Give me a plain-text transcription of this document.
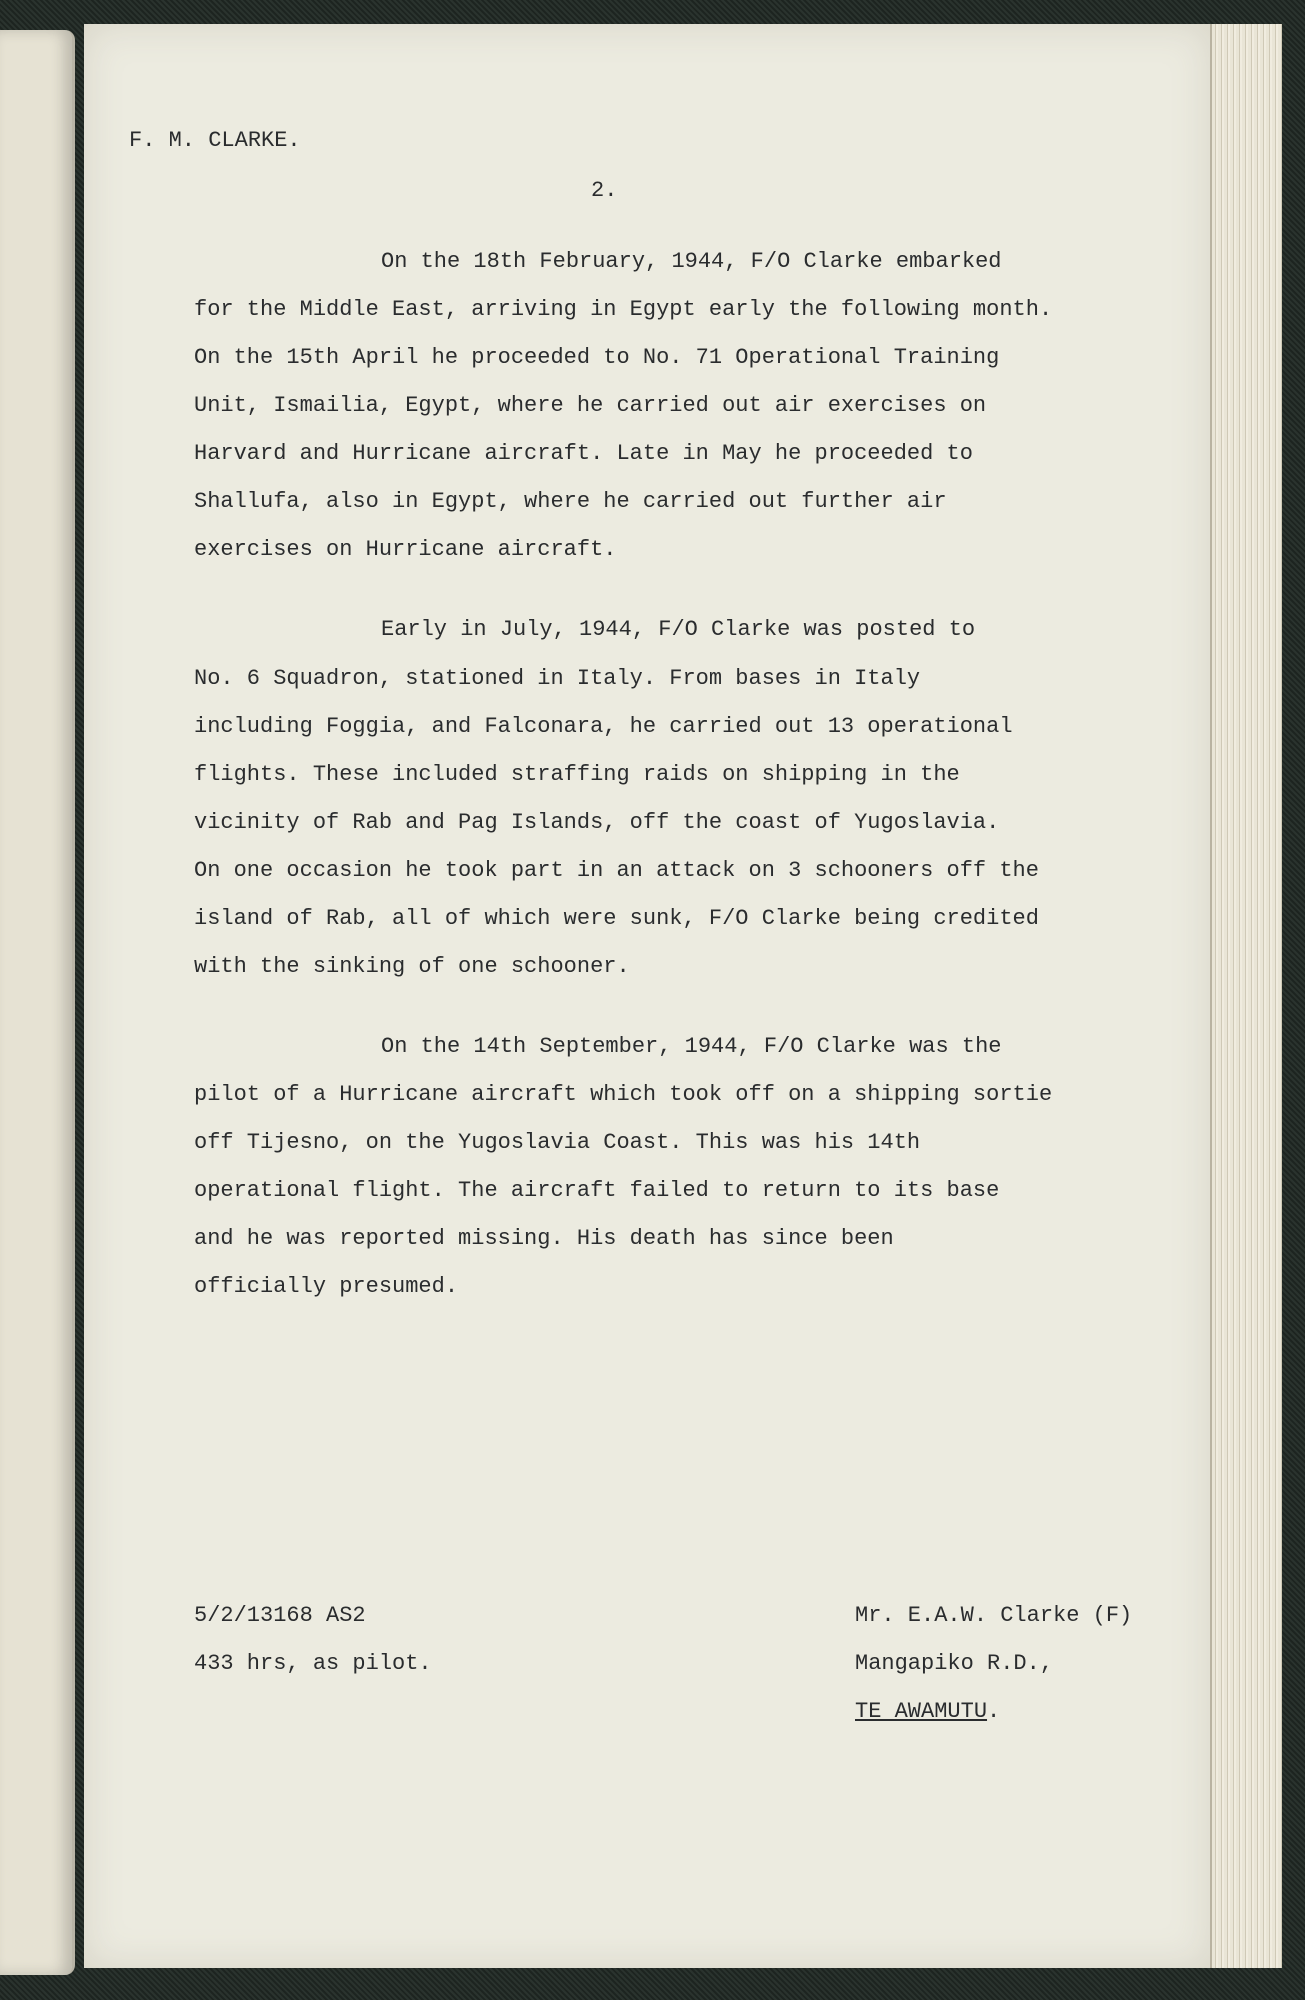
F. M. CLARKE.
2.
On the 18th February, 1944, F/O Clarke embarked
for the Middle East, arriving in Egypt early the following month.
On the 15th April he proceeded to No. 71 Operational Training
Unit, Ismailia, Egypt, where he carried out air exercises on
Harvard and Hurricane aircraft. Late in May he proceeded to
Shallufa, also in Egypt, where he carried out further air
exercises on Hurricane aircraft.
Early in July, 1944, F/O Clarke was posted to
No. 6 Squadron, stationed in Italy. From bases in Italy
including Foggia, and Falconara, he carried out 13 operational
flights. These included straffing raids on shipping in the
vicinity of Rab and Pag Islands, off the coast of Yugoslavia.
On one occasion he took part in an attack on 3 schooners off the
island of Rab, all of which were sunk, F/O Clarke being credited
with the sinking of one schooner.
On the 14th September, 1944, F/O Clarke was the
pilot of a Hurricane aircraft which took off on a shipping sortie
off Tijesno, on the Yugoslavia Coast. This was his 14th
operational flight. The aircraft failed to return to its base
and he was reported missing. His death has since been
officially presumed.
5/2/13168 AS2
433 hrs, as pilot.
Mr. E.A.W. Clarke (F)
Mangapiko R.D.,
TE AWAMUTU.
